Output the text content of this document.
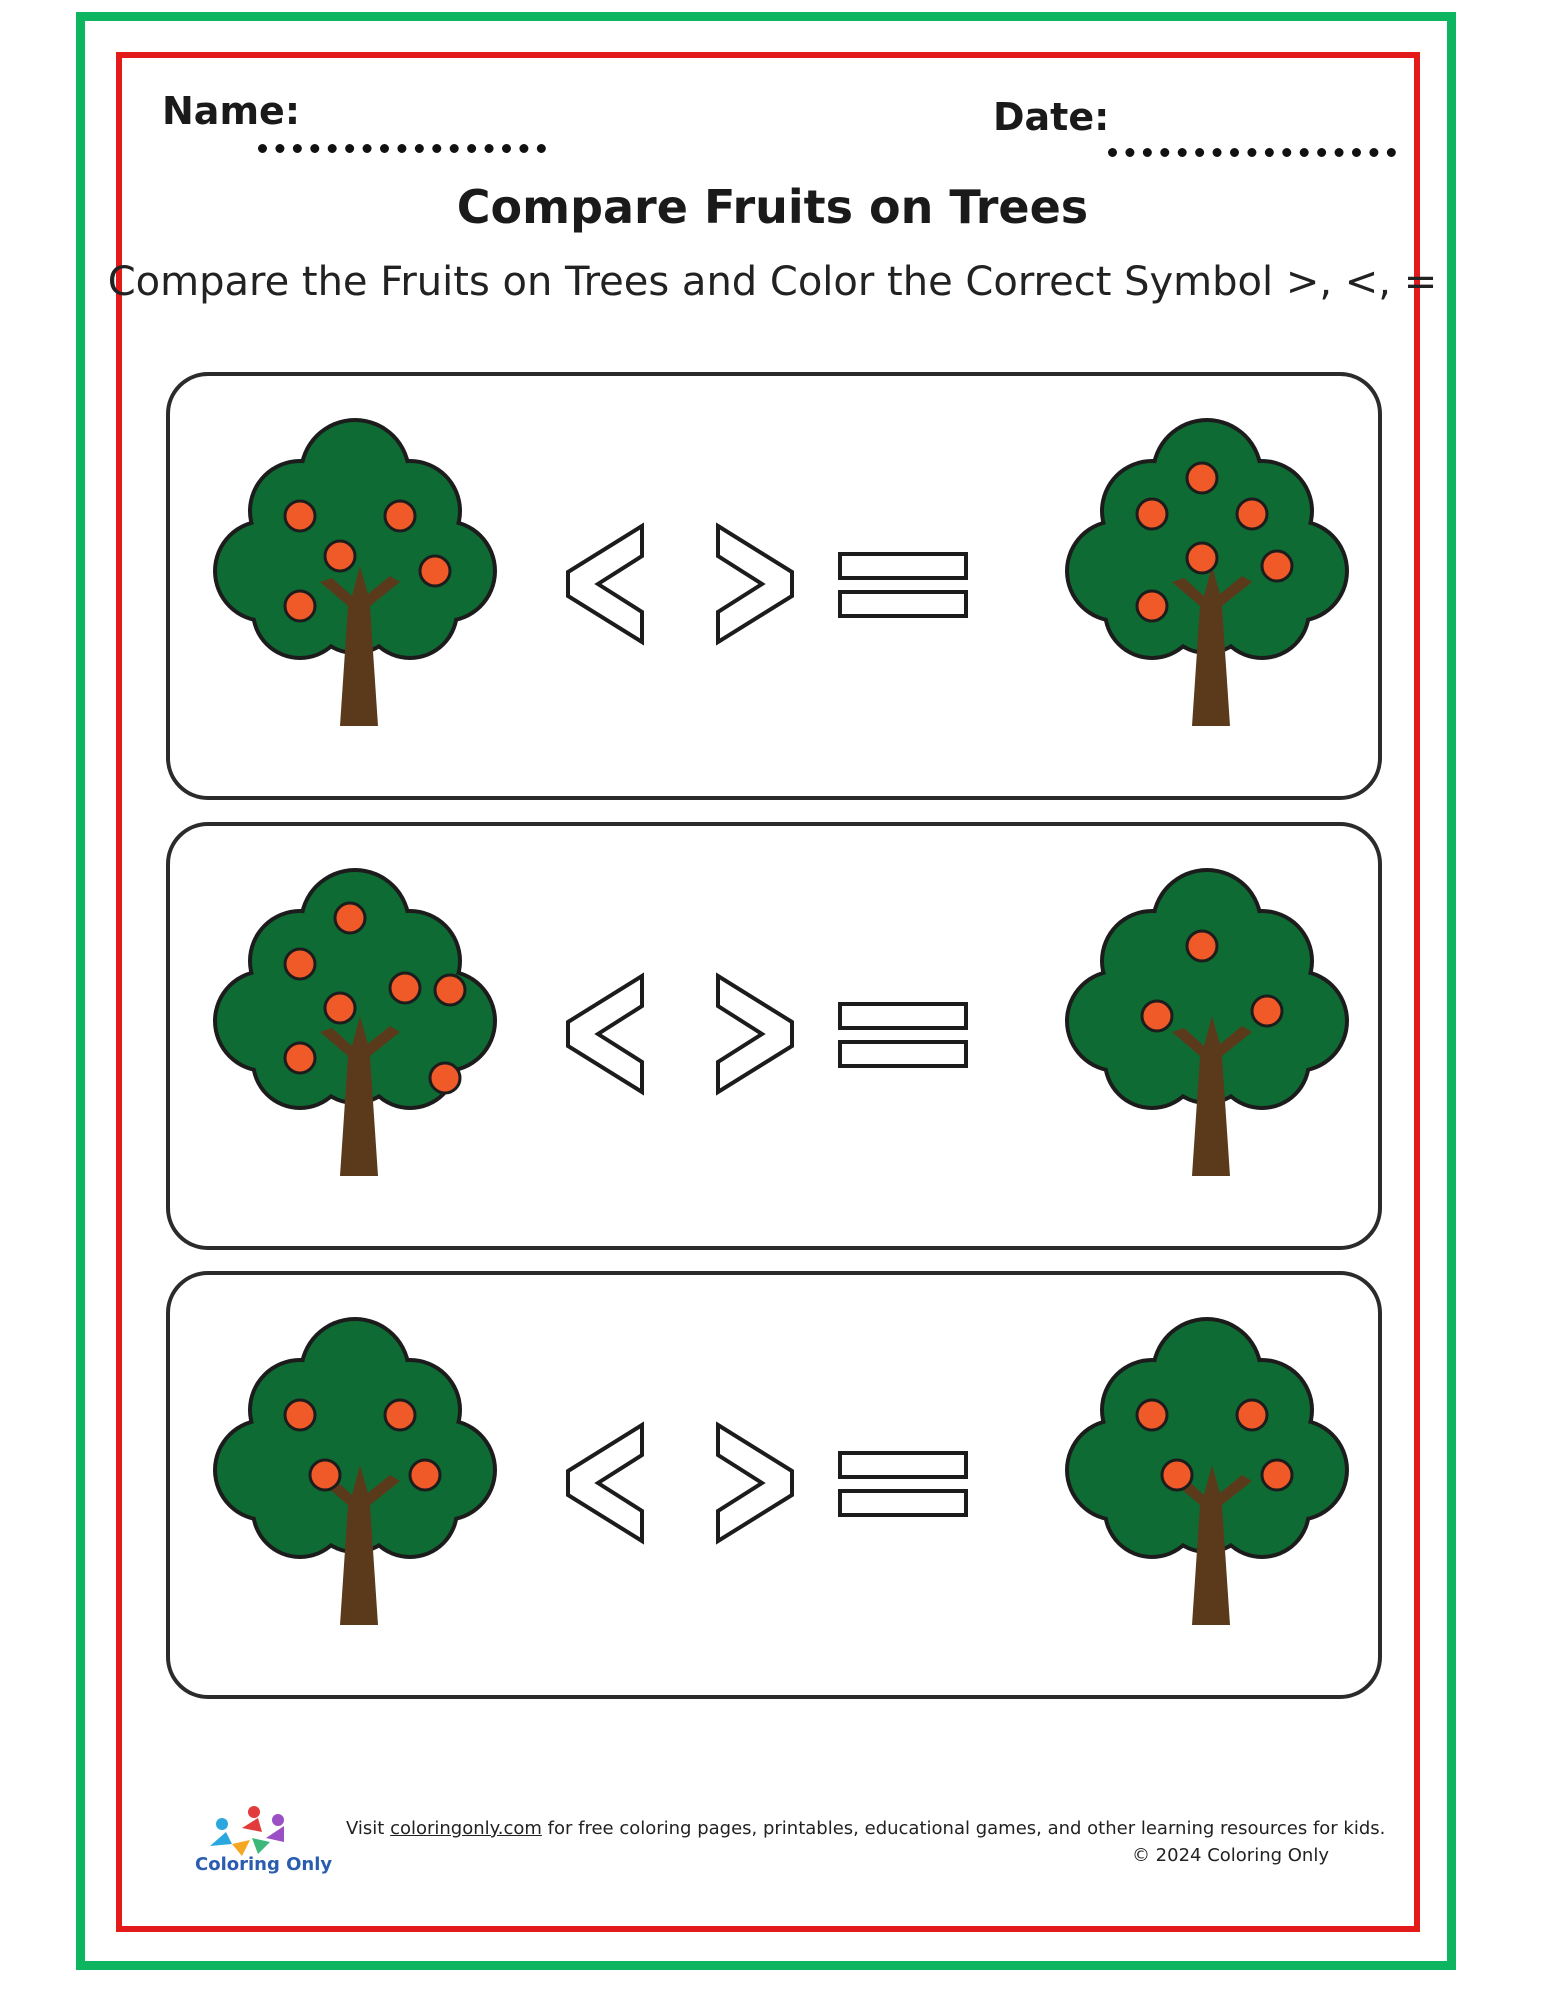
Name:	Date:
Compare Fruits on Trees
Compare the Fruits on Trees and Color the Correct Symbol >, <, =
Coloring Only
Visit coloringonly.com for free coloring pages, printables, educational games, and other learning resources for kids.
© 2024 Coloring Only
